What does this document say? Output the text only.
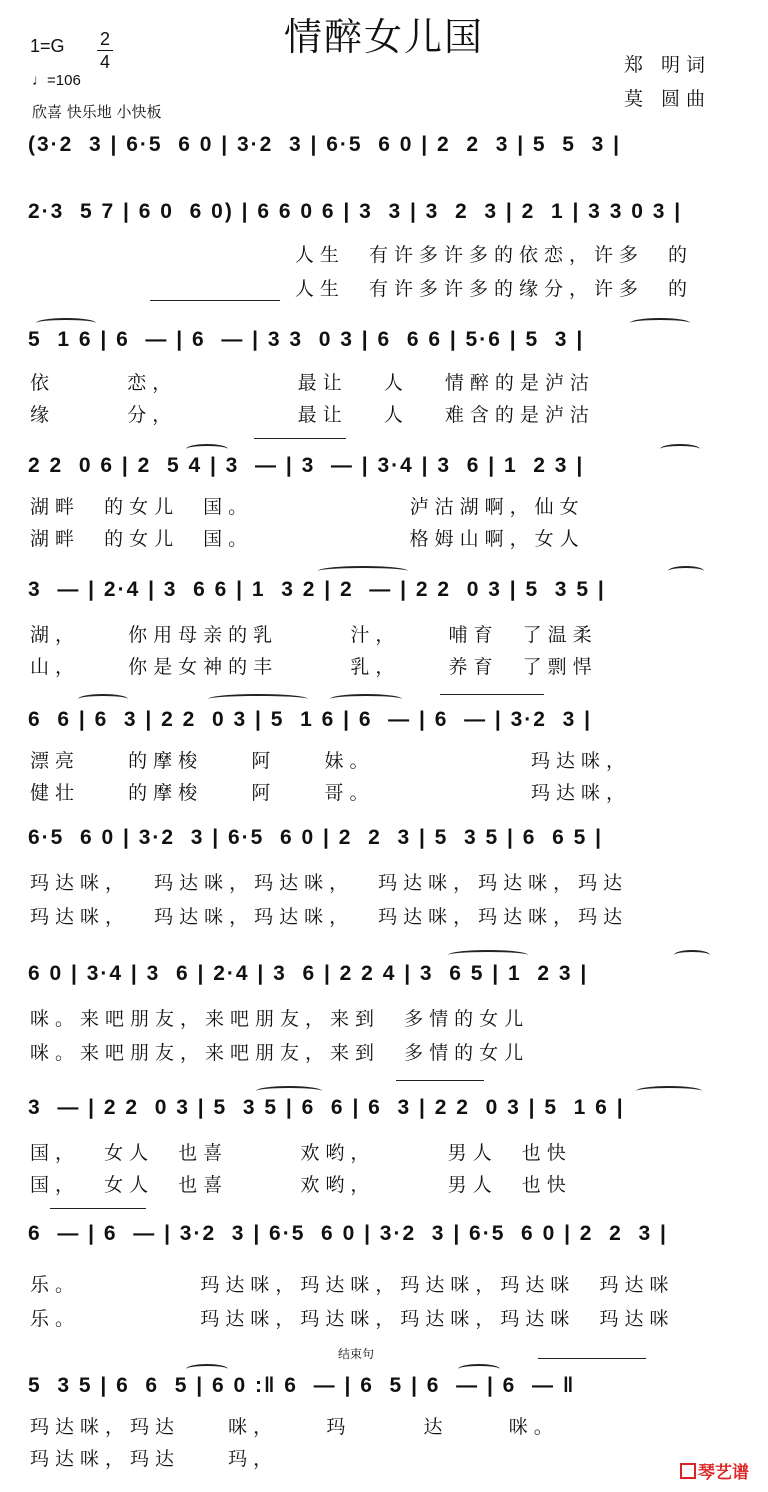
情醉女儿国
1=G 2
4
♩=106
欣喜 快乐地 小快板
郑 明词
莫 圆曲
(3·2  3 | 6·5  6 0 | 3·2  3 | 6·5  6 0 | 2  2  3 | 5  5  3 |
2·3  5 7 | 6 0  6 0) | 6 6 0 6 | 3  3 | 3  2  3 | 2  1 | 3 3 0 3 |
人生  有许多许多的依恋，许多  的
人生  有许多许多的缘分，许多  的
5  1 6 | 6  — | 6  — | 3 3  0 3 | 6  6 6 | 5·6 | 5  3 |
依      恋，          最让   人   情醉的是泸沽
缘      分，          最让   人   难含的是泸沽
2 2  0 6 | 2  5 4 | 3  — | 3  — | 3·4 | 3  6 | 1  2 3 |
湖畔  的女儿  国。             泸沽湖啊，仙女
湖畔  的女儿  国。             格姆山啊，女人
3  — | 2·4 | 3  6 6 | 1  3 2 | 2  — | 2 2  0 3 | 5  3 5 |
湖，    你用母亲的乳      汁，    哺育  了温柔
山，    你是女神的丰      乳，    养育  了剽悍
6  6 | 6  3 | 2 2  0 3 | 5  1 6 | 6  — | 6  — | 3·2  3 |
漂亮    的摩梭    阿    妹。             玛达咪，
健壮    的摩梭    阿    哥。             玛达咪，
6·5  6 0 | 3·2  3 | 6·5  6 0 | 2  2  3 | 5  3 5 | 6  6 5 |
玛达咪，  玛达咪，玛达咪，  玛达咪，玛达咪，玛达
玛达咪，  玛达咪，玛达咪，  玛达咪，玛达咪，玛达
6 0 | 3·4 | 3  6 | 2·4 | 3  6 | 2 2 4 | 3  6 5 | 1  2 3 |
咪。来吧朋友，来吧朋友，来到  多情的女儿
咪。来吧朋友，来吧朋友，来到  多情的女儿
3  — | 2 2  0 3 | 5  3 5 | 6  6 | 6  3 | 2 2  0 3 | 5  1 6 |
国，  女人  也喜      欢哟，      男人  也快
国，  女人  也喜      欢哟，      男人  也快
6  — | 6  — | 3·2  3 | 6·5  6 0 | 3·2  3 | 6·5  6 0 | 2  2  3 |
乐。          玛达咪，玛达咪，玛达咪，玛达咪  玛达咪
乐。          玛达咪，玛达咪，玛达咪，玛达咪  玛达咪
结束句
5  3 5 | 6  6  5 | 6 0 :‖ 6  — | 6  5 | 6  — | 6  — ‖
玛达咪，玛达    咪，    玛      达     咪。
玛达咪，玛达    玛，
琴艺谱
